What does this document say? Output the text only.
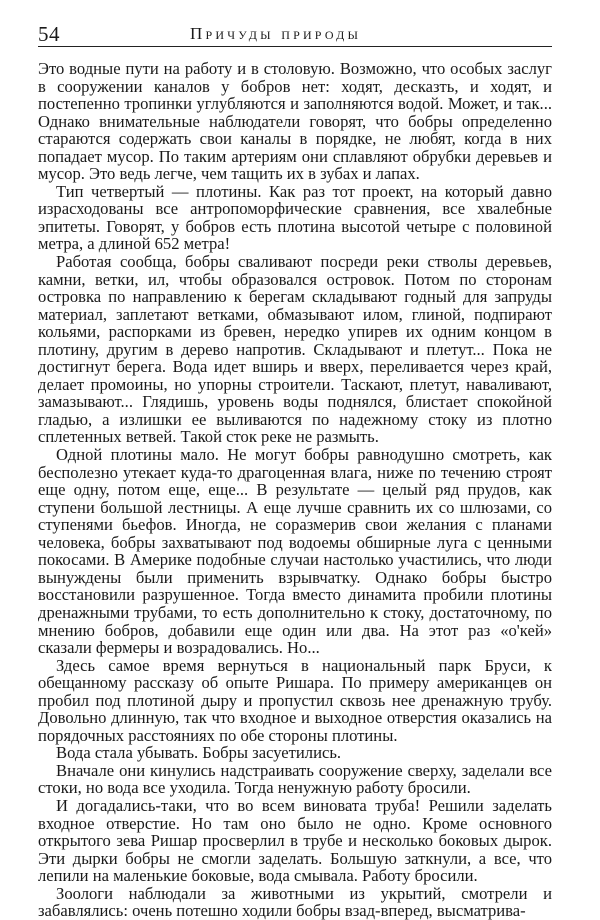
54	Причуды природы

Это водные пути на работу и в столовую. Возможно, что особых заслуг в сооружении каналов у бобров нет: ходят, десказть, и ходят, и постепенно тропинки углубляются и заполняются водой. Может, и так... Однако внимательные наблюдатели говорят, что бобры определенно стараются содержать свои каналы в порядке, не любят, когда в них попадает мусор. По таким артериям они сплавляют обрубки деревьев и мусор. Это ведь легче, чем тащить их в зубах и лапах.

Тип четвертый — плотины. Как раз тот проект, на который давно израсходованы все антропоморфические сравнения, все хвалебные эпитеты. Говорят, у бобров есть плотина высотой четыре с половиной метра, а длиной 652 метра!

Работая сообща, бобры сваливают посреди реки стволы деревьев, камни, ветки, ил, чтобы образовался островок. Потом по сторонам островка по направлению к берегам складывают годный для запруды материал, заплетают ветками, обмазывают илом, глиной, подпирают кольями, распорками из бревен, нередко упирев их одним концом в плотину, другим в дерево напротив. Складывают и плетут... Пока не достигнут берега. Вода идет вширь и вверх, переливается через край, делает промоины, но упорны строители. Таскают, плетут, наваливают, замазывают... Глядишь, уровень воды поднялся, блистает спокойной гладью, а излишки ее выливаются по надежному стоку из плотно сплетенных ветвей. Такой сток реке не размыть.

Одной плотины мало. Не могут бобры равнодушно смотреть, как бесполезно утекает куда-то драгоценная влага, ниже по течению строят еще одну, потом еще, еще... В результате — целый ряд прудов, как ступени большой лестницы. А еще лучше сравнить их со шлюзами, со ступенями бьефов. Иногда, не соразмерив свои желания с планами человека, бобры захватывают под водоемы обширные луга с ценными покосами. В Америке подобные случаи настолько участились, что люди вынуждены были применить взрывчатку. Однако бобры быстро восстановили разрушенное. Тогда вместо динамита пробили плотины дренажными трубами, то есть дополнительно к стоку, достаточному, по мнению бобров, добавили еще один или два. На этот раз «о'кей» сказали фермеры и возрадовались. Но...

Здесь самое время вернуться в национальный парк Бруси, к обещанному рассказу об опыте Ришара. По примеру американцев он пробил под плотиной дыру и пропустил сквозь нее дренажную трубу. Довольно длинную, так что входное и выходное отверстия оказались на порядочных расстояниях по обе стороны плотины.

Вода стала убывать. Бобры засуетились.

Вначале они кинулись надстраивать сооружение сверху, заделали все стоки, но вода все уходила. Тогда ненужную работу бросили.

И догадались-таки, что во всем виновата труба! Решили заделать входное отверстие. Но там оно было не одно. Кроме основного открытого зева Ришар просверлил в трубе и несколько боковых дырок. Эти дырки бобры не смогли заделать. Большую заткнули, а все, что лепили на маленькие боковые, вода смывала. Работу бросили.

Зоологи наблюдали за животными из укрытий, смотрели и забавлялись: очень потешно ходили бобры взад-вперед, высматрива-
